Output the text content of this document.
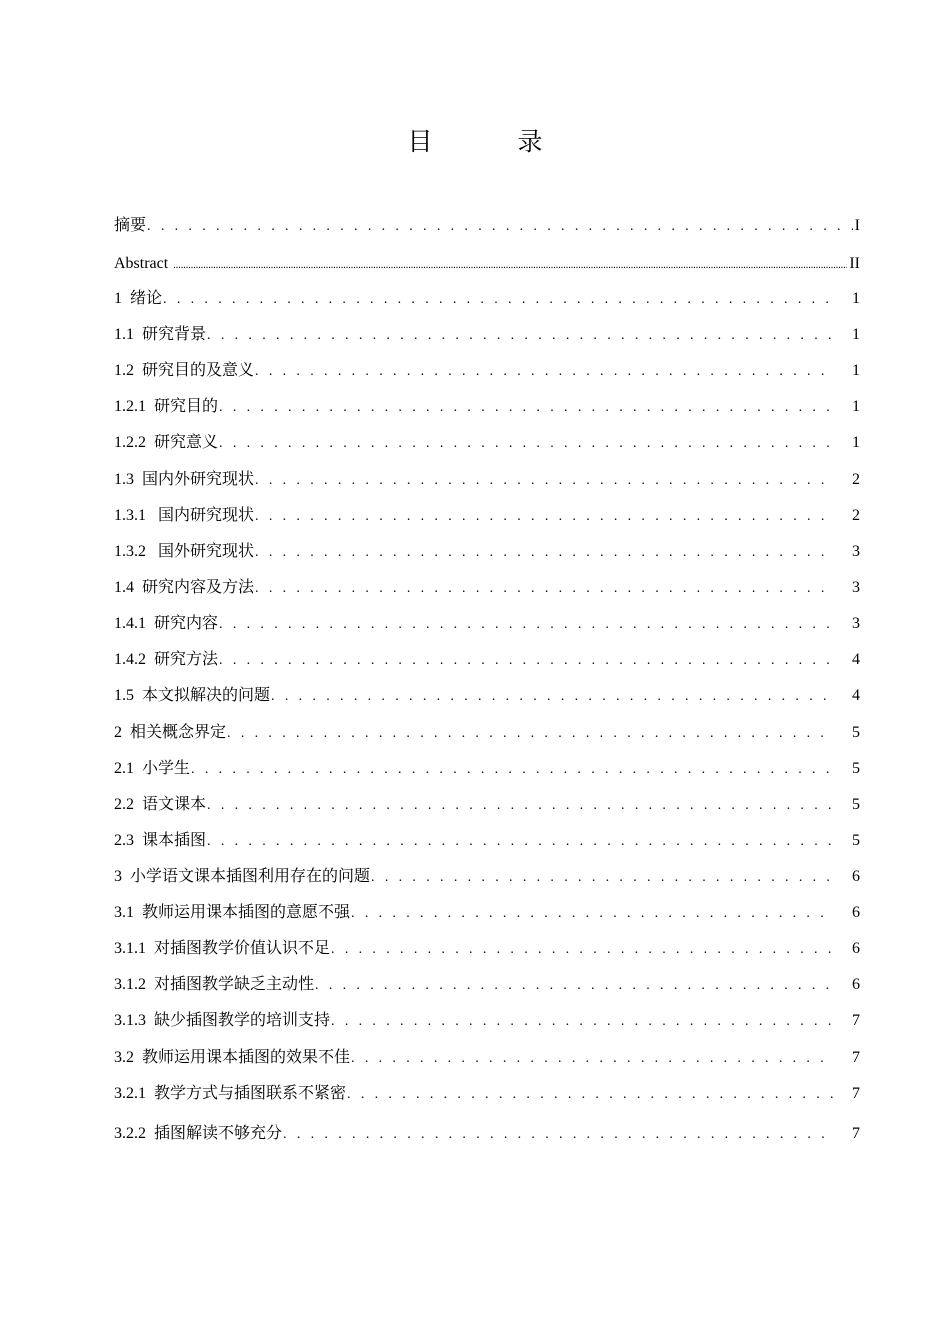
目　录
摘要 . . .	I
Abstract .....	II
1 绪论 . . .	1
1.1 研究背景 . . .	1
1.2 研究目的及意义 . . .	1
1.2.1 研究目的 . . .	1
1.2.2 研究意义 . . .	1
1.3 国内外研究现状 . . .	2
1.3.1 国内研究现状 . . .	2
1.3.2 国外研究现状 . . .	3
1.4 研究内容及方法 . . .	3
1.4.1 研究内容 . . .	3
1.4.2 研究方法 . . .	4
1.5 本文拟解决的问题 . . .	4
2 相关概念界定 . . .	5
2.1 小学生 . . .	5
2.2 语文课本 . . .	5
2.3 课本插图 . . .	5
3 小学语文课本插图利用存在的问题 . . .	6
3.1 教师运用课本插图的意愿不强 . . .	6
3.1.1 对插图教学价值认识不足 . . .	6
3.1.2 对插图教学缺乏主动性 . . .	6
3.1.3 缺少插图教学的培训支持 . . .	7
3.2 教师运用课本插图的效果不佳 . . .	7
3.2.1 教学方式与插图联系不紧密 . . .	7
3.2.2 插图解读不够充分 . . .	7
